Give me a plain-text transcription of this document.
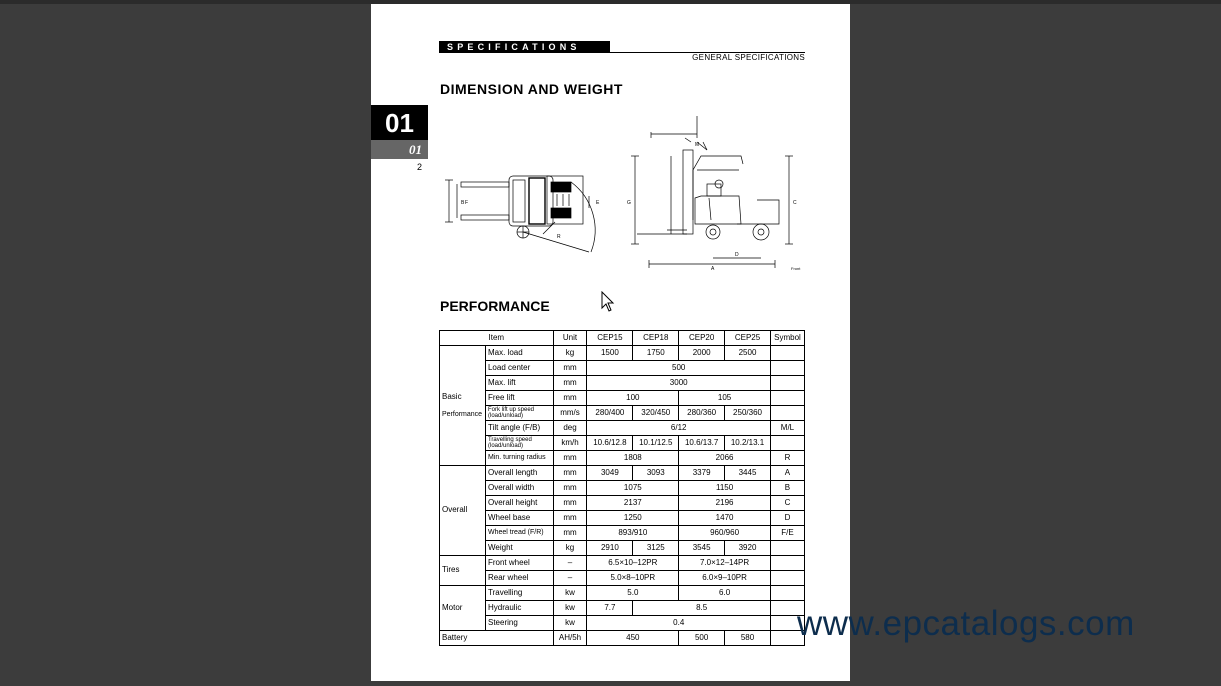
SPECIFICATIONS
GENERAL SPECIFICATIONS
DIMENSION AND WEIGHT
01
01
2
B F	E
R
G	C
D
A
M
Front
PERFORMANCE
Item		Unit	CEP15	CEP18	CEP20	CEP25	Symbol
Basic

Performance	Max. load	kg	1500	1750	2000	2500	
	Load center	mm	500				
	Max. lift	mm	3000				
	Free lift	mm	100		105		
	Fork lift up speed (load/unload)	mm/s	280/400	320/450	280/360	250/360	
	Tilt angle (F/B)	deg	6/12				M/L
	Travelling speed (load/unload)	km/h	10.6/12.8	10.1/12.5	10.6/13.7	10.2/13.1	
	Min. turning radius	mm	1808		2066		R
Overall	Overall length	mm	3049	3093	3379	3445	A
	Overall width	mm	1075		1150		B
	Overall height	mm	2137		2196		C
	Wheel base	mm	1250		1470		D
	Wheel tread (F/R)	mm	893/910		960/960		F/E
	Weight	kg	2910	3125	3545	3920	
Tires	Front wheel	–	6.5×10–12PR		7.0×12–14PR		
	Rear wheel	–	5.0×8–10PR		6.0×9–10PR		
Motor	Travelling	kw	5.0		6.0		
	Hydraulic	kw	7.7	8.5			
	Steering	kw	0.4				
Battery		AH/5h	450		500	580	www.epcatalogs.com
